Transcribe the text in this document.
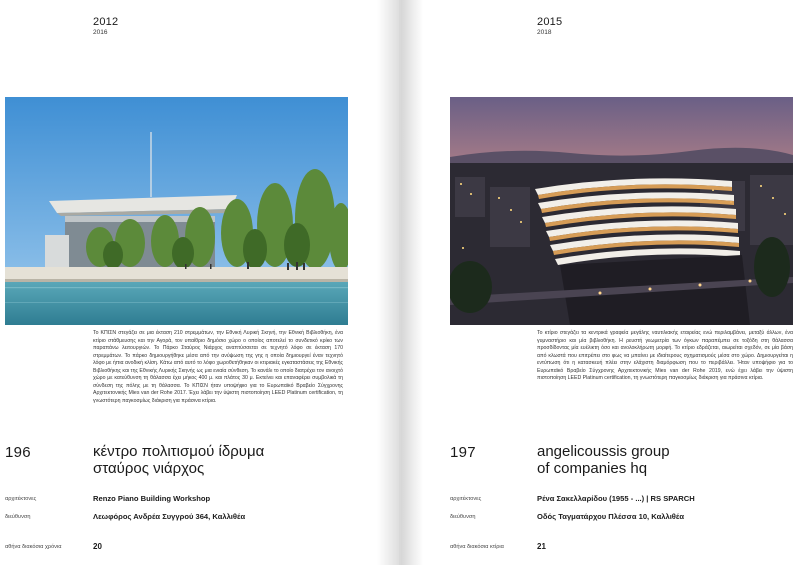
2012
2016
Το ΚΠΙΣΝ στεγάζει σε μια έκταση 210 στρεμμάτων, την Εθνική Λυρική Σκηνή, την Εθνική Βιβλιοθήκη, ένα κτίριο στάθμευσης και την Αγορά, τον υπαίθριο δημόσιο χώρο ο οποίος αποτελεί το συνδετικό κρίκο των παραπάνω λειτουργιών. Το Πάρκο Σταύρος Νιάρχος αναπτύσσεται σε τεχνητό λόφο σε έκταση 170 στρεμμάτων. Το πάρκο δημιουργήθηκε μέσα από την ανύψωση της γης η οποία δημιουργεί έναν τεχνητό λόφο με ήπια ανοδική κλίση. Κάτω από αυτό το λόφο χωροθετήθηκαν οι κτιριακές εγκαταστάσεις της Εθνικής Βιβλιοθήκης και της Εθνικής Λυρικής Σκηνής ως μια ενιαία σύνθεση. Το κανάλι το οποίο διατρέχει τον ανοιχτό χώρο με κατεύθυνση τη θάλασσα έχει μήκος 400 μ. και πλάτος 30 μ. Εκτείνει και επαναφέρει συμβολικά τη σύνδεση της πόλης με τη θάλασσα. Το ΚΠΙΣΝ ήταν υποψήφιο για το Ευρωπαϊκό Βραβείο Σύγχρονης Αρχιτεκτονικής Mies van der Rohe 2017. Έχει λάβει την ύψιστη πιστοποίηση LEED Platinum certification, τη γνωστότερη παγκοσμίως διάκριση για πράσινα κτίρια.
196	κέντρο πολιτισμού ίδρυμα
σταύρος νιάρχος
αρχιτέκτονες	Renzo Piano Building Workshop
διεύθυνση	Λεωφόρος Ανδρέα Συγγρού 364, Καλλιθέα
αθήνα διακόσια χρόνια	20
2015
2018
Το κτίριο στεγάζει τα κεντρικά γραφεία μεγάλης ναυτιλιακής εταιρείας ενώ περιλαμβάνει, μεταξύ άλλων, ένα γυμναστήριο και μία βιβλιοθήκη. Η ρευστή γεωμετρία των όγκων παραπέμπει σε τοξόδη στη θάλασσα προσδίδοντας μία ευέλικτη όσο και ανολοκλήρωτη μορφή. Το κτίριο εδράζεται, αιωρείται σχεδόν, σε μία βάση από κλωστά που επιτρέπει στο φως να μπαίνει με ιδιαίτερους σχηματισμούς μέσα στο χώρο. Δημιουργείται η εντύπωση ότι η κατασκευή πλέει στην ελάχιστη διαμόρφωση που το περιβάλλει. Ήταν υποψήφιο για το Ευρωπαϊκό Βραβείο Σύγχρονης Αρχιτεκτονικής Mies van der Rohe 2019, ενώ έχει λάβει την ύψιστη πιστοποίηση LEED Platinum certification, τη γνωστότερη παγκοσμίως διάκριση για πράσινα κτίρια.
197	angelicoussis group
of companies hq
αρχιτέκτονες	Ρένα Σακελλαρίδου (1955 - ...) | RS SPARCH
διεύθυνση	Οδός Ταγματάρχου Πλέσσα 10, Καλλιθέα
αθήνα διακόσια κτίρια	21
